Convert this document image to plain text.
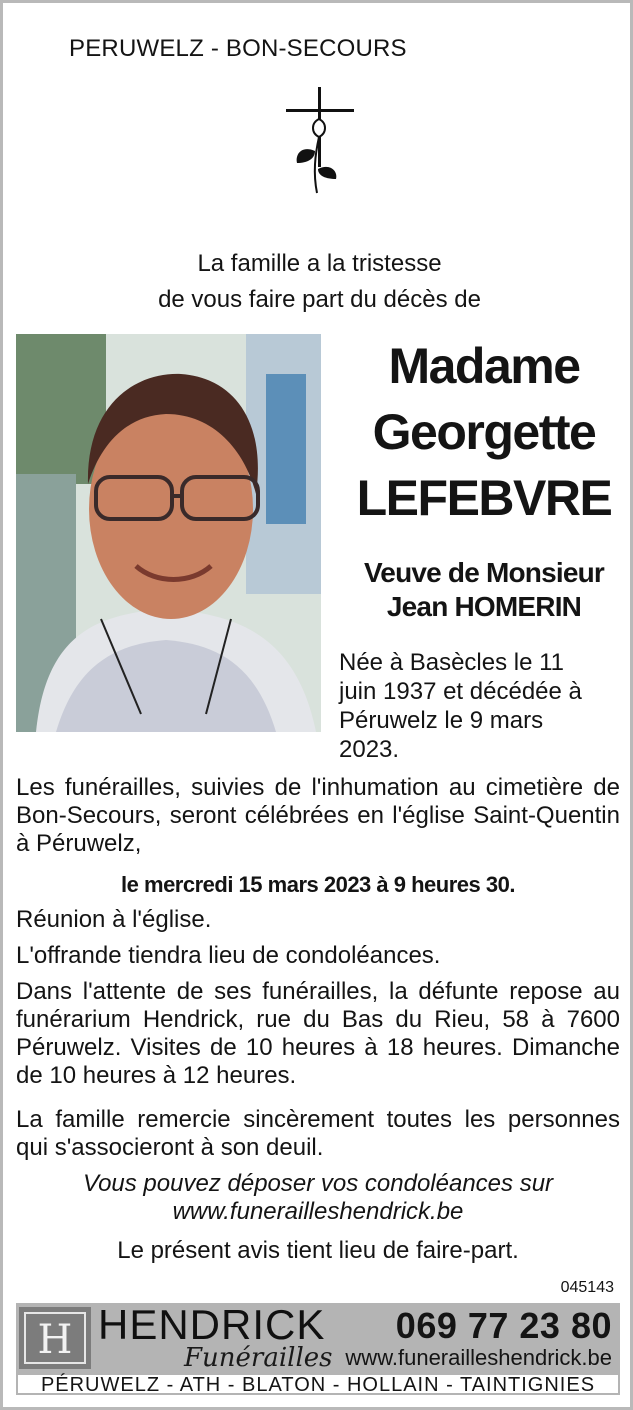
PERUWELZ - BON-SECOURS
La famille a la tristesse
de vous faire part du décès de
Madame
Georgette
LEFEBVRE
Veuve de Monsieur
Jean HOMERIN
Née à Basècles le 11
juin 1937 et décédée à
Péruwelz le 9 mars
2023.
Les funérailles, suivies de l'inhumation au cimetière de Bon-Secours, seront célébrées en l'église Saint-Quentin à Péruwelz,
le mercredi 15 mars 2023 à 9 heures 30.
Réunion à l'église.
L'offrande tiendra lieu de condoléances.
Dans l'attente de ses funérailles, la défunte repose au funérarium Hendrick, rue du Bas du Rieu, 58 à 7600 Péruwelz. Visites de 10 heures à 18 heures. Dimanche de 10 heures à 12 heures.
La famille remercie sincèrement toutes les personnes qui s'associeront à son deuil.
Vous pouvez déposer vos condoléances sur
www.funerailleshendrick.be
Le présent avis tient lieu de faire-part.
045143
H HENDRICK
Funérailles
069 77 23 80
www.funerailleshendrick.be
PÉRUWELZ - ATH - BLATON - HOLLAIN - TAINTIGNIES
